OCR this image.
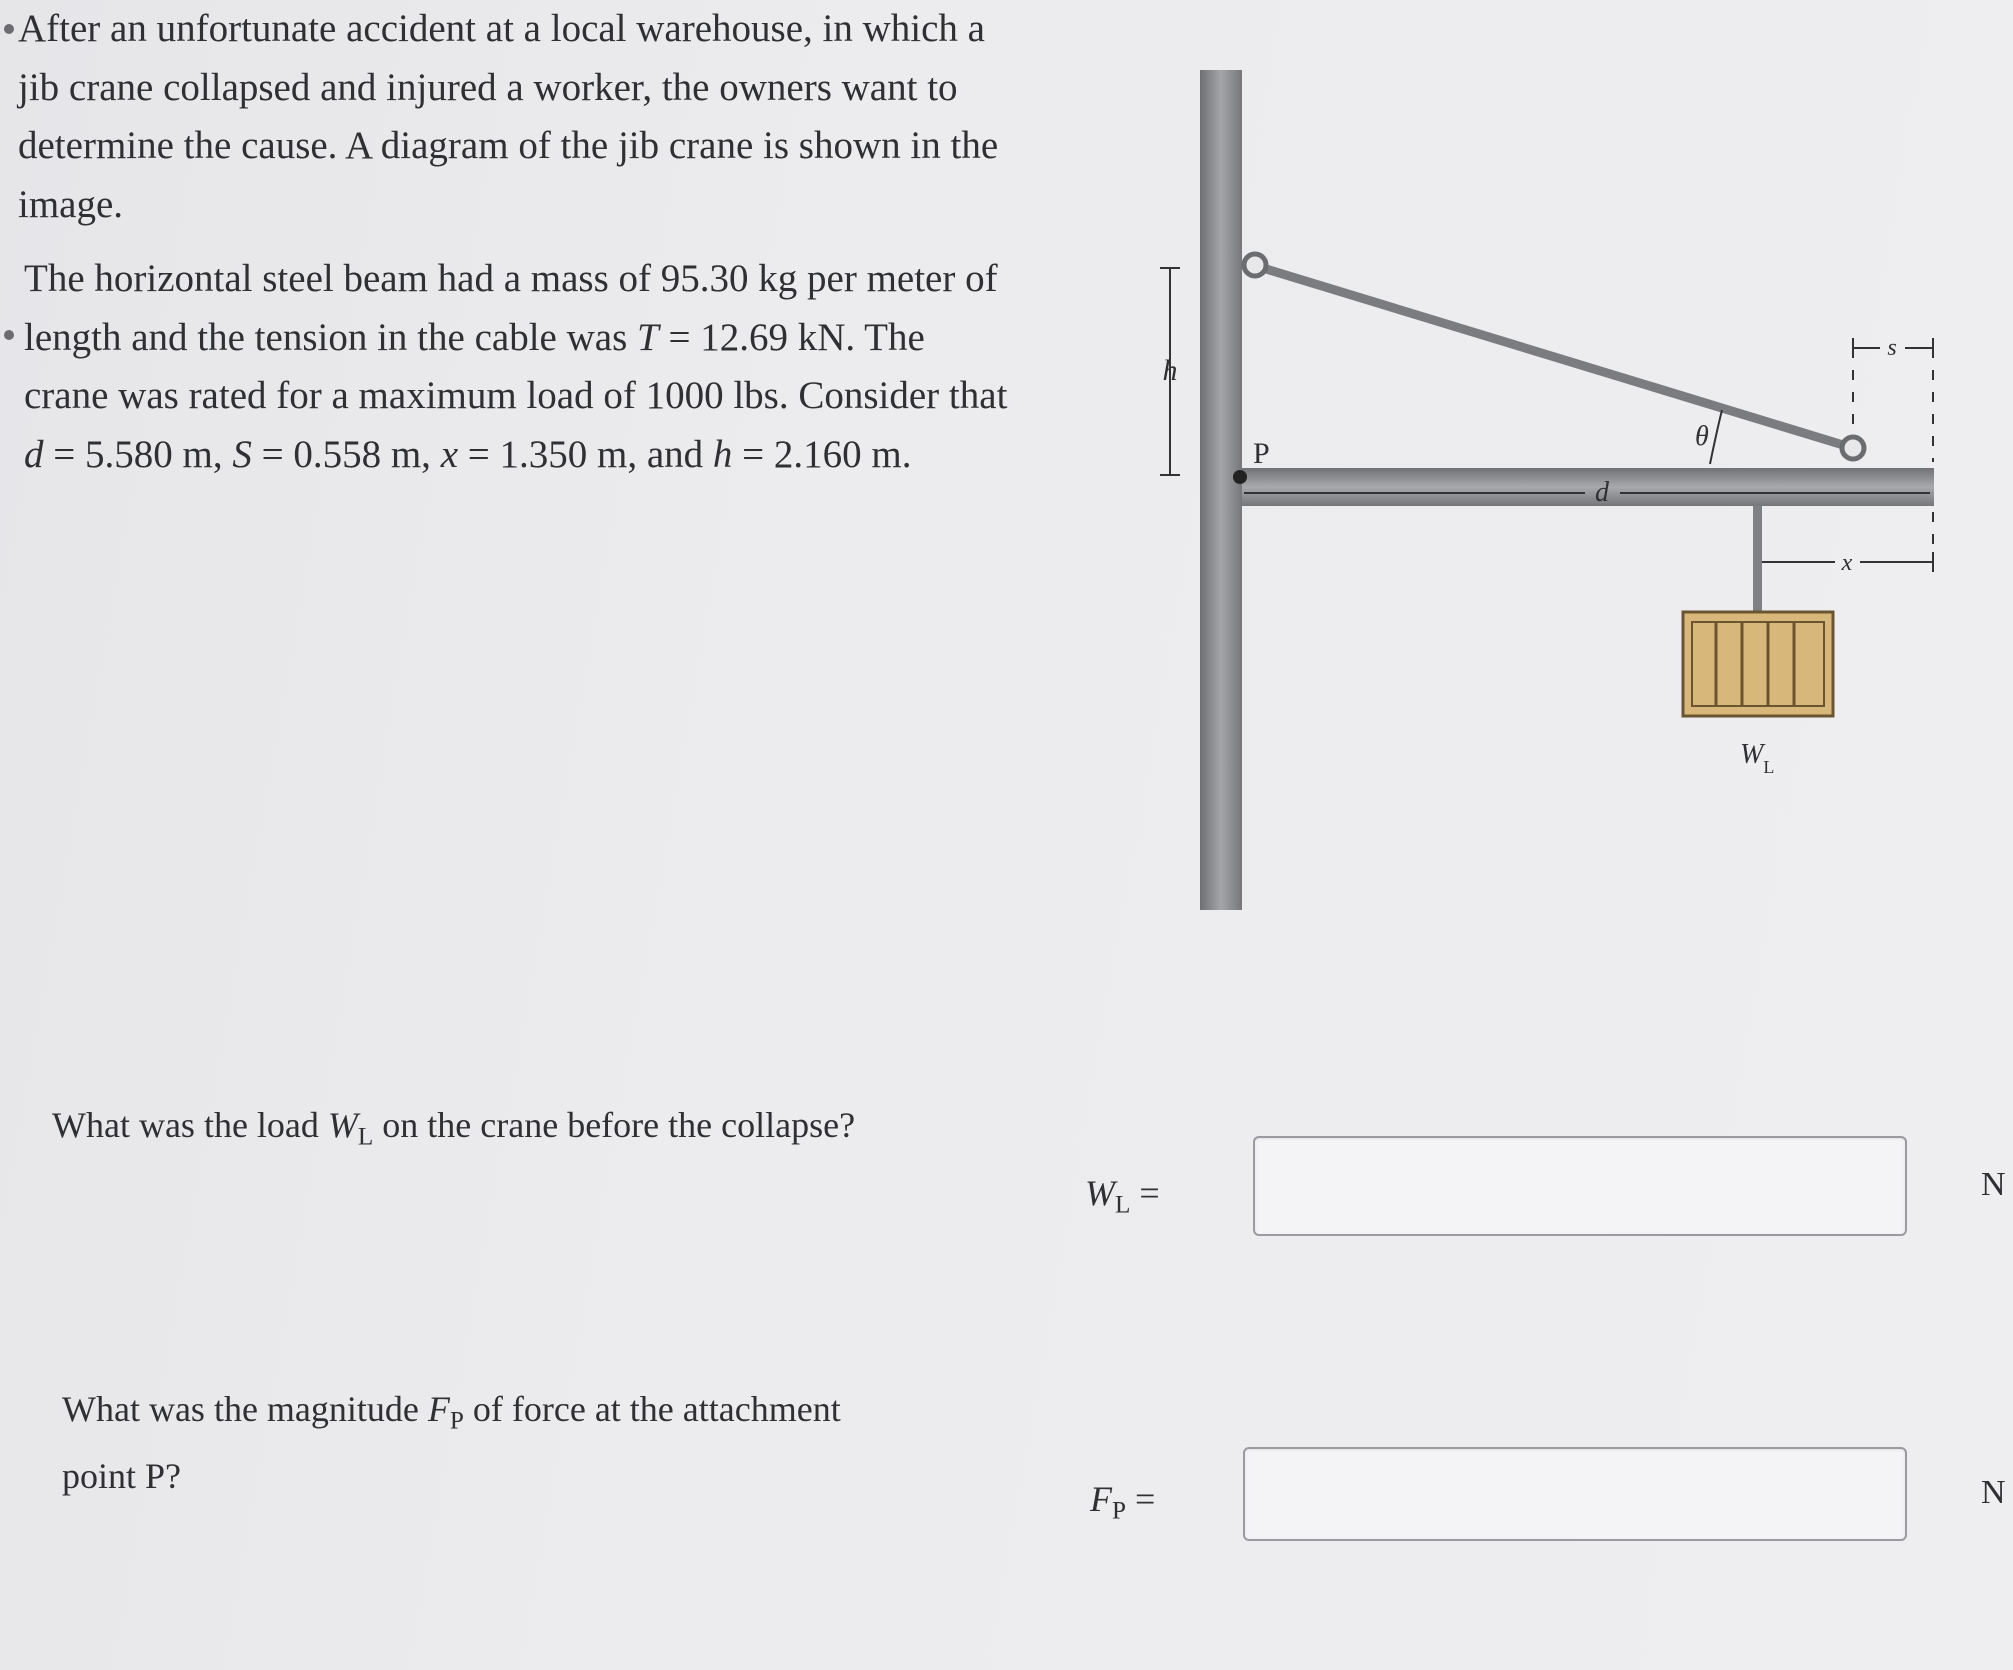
After an unfortunate accident at a local warehouse, in which a jib crane collapsed and injured a worker, the owners want to determine the cause. A diagram of the jib crane is shown in the image.

The horizontal steel beam had a mass of 95.30 kg per meter of length and the tension in the cable was T = 12.69 kN. The crane was rated for a maximum load of 1000 lbs. Consider that d = 5.580 m, S = 0.558 m, x = 1.350 m, and h = 2.160 m.

h
P
θ
d
s
x
$W_L$
What was the load $W_L$ on the crane before the collapse?
$W_L$ =	N
What was the magnitude $F_P$ of force at the attachment point P?
$F_P$ =	N
